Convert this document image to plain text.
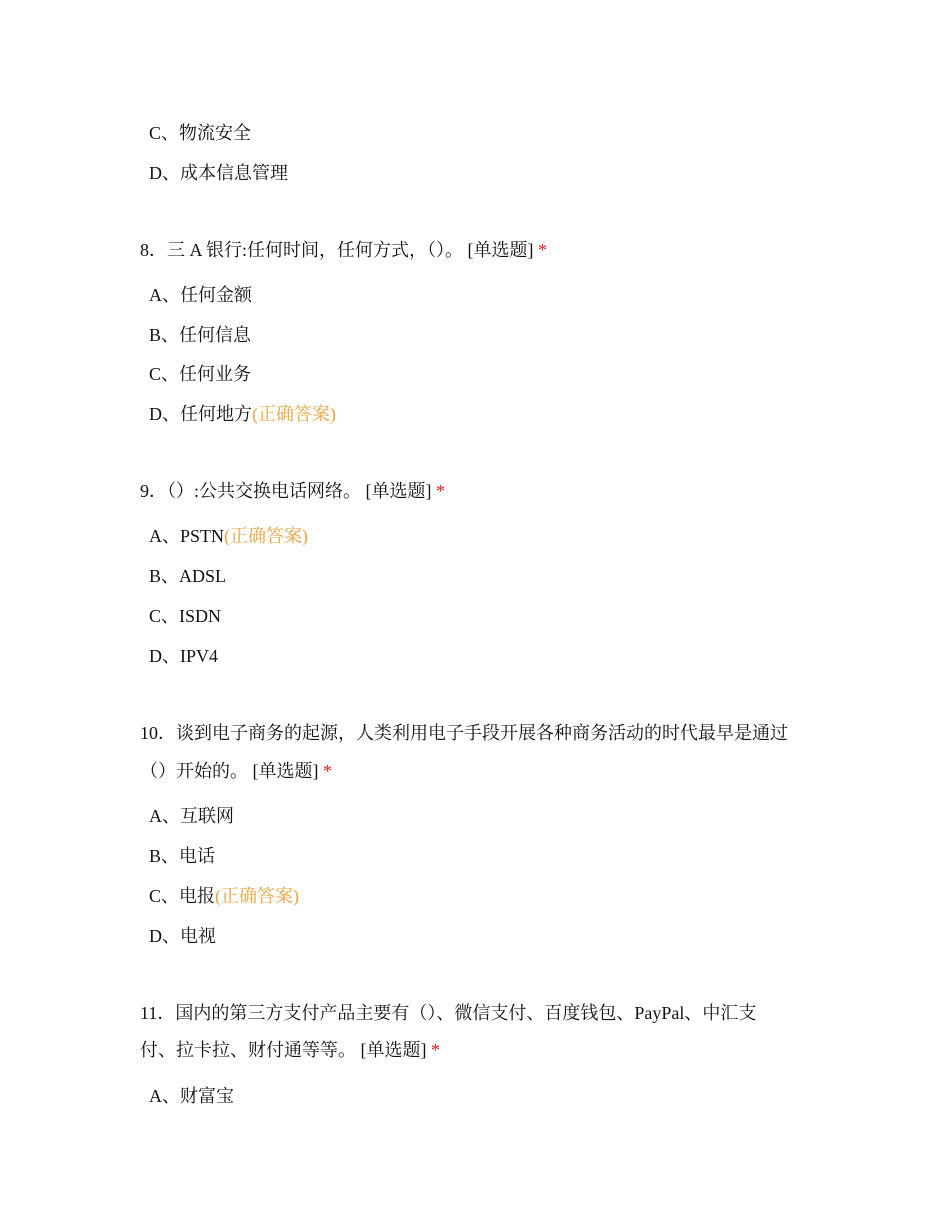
C、物流安全
D、成本信息管理
8．三 A 银行:任何时间，任何方式，（）。 [单选题] *
A、任何金额
B、任何信息
C、任何业务
D、任何地方(正确答案)
9．（）:公共交换电话网络。 [单选题] *
A、PSTN(正确答案)
B、ADSL
C、ISDN
D、IPV4
10．谈到电子商务的起源，人类利用电子手段开展各种商务活动的时代最早是通过
（）开始的。 [单选题] *
A、互联网
B、电话
C、电报(正确答案)
D、电视
11．国内的第三方支付产品主要有（）、微信支付、百度钱包、PayPal、中汇支
付、拉卡拉、财付通等等。 [单选题] *
A、财富宝
